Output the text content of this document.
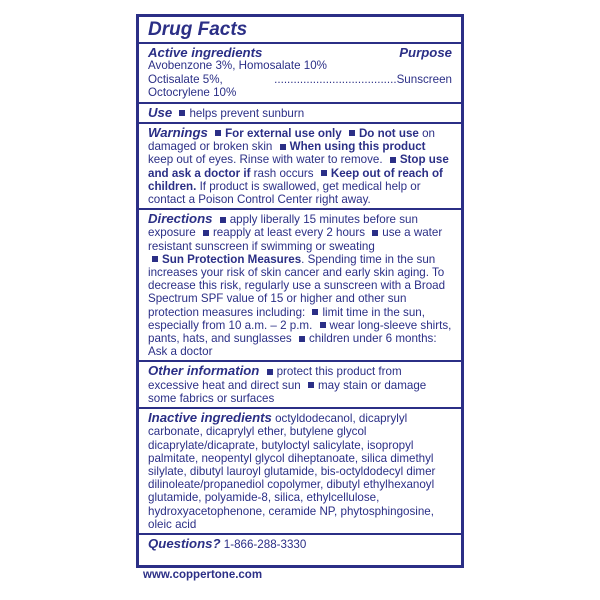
Drug Facts
Active ingredients	Purpose
Avobenzone 3%, Homosalate 10%
Octisalate 5%, Octocrylene 10%
...................................... Sunscreen
Use helps prevent sunburn
Warnings For external use only Do not use on damaged or broken skin When using this product keep out of eyes. Rinse with water to remove. Stop use and ask a doctor if rash occurs Keep out of reach of children. If product is swallowed, get medical help or contact a Poison Control Center right away.
Directions apply liberally 15 minutes before sun exposure reapply at least every 2 hours use a water resistant sunscreen if swimming or sweating
Sun Protection Measures. Spending time in the sun increases your risk of skin cancer and early skin aging. To decrease this risk, regularly use a sunscreen with a Broad Spectrum SPF value of 15 or higher and other sun protection measures including: limit time in the sun, especially from 10 a.m. – 2 p.m. wear long-sleeve shirts, pants, hats, and sunglasses children under 6 months: Ask a doctor
Other information protect this product from excessive heat and direct sun may stain or damage some fabrics or surfaces
Inactive ingredients octyldodecanol, dicaprylyl carbonate, dicaprylyl ether, butylene glycol dicaprylate/dicaprate, butyloctyl salicylate, isopropyl palmitate, neopentyl glycol diheptanoate, silica dimethyl silylate, dibutyl lauroyl glutamide, bis-octyldodecyl dimer dilinoleate/propanediol copolymer, dibutyl ethylhexanoyl glutamide, polyamide-8, silica, ethylcellulose, hydroxyacetophenone, ceramide NP, phytosphingosine, oleic acid
Questions? 1-866-288-3330
www.coppertone.com
